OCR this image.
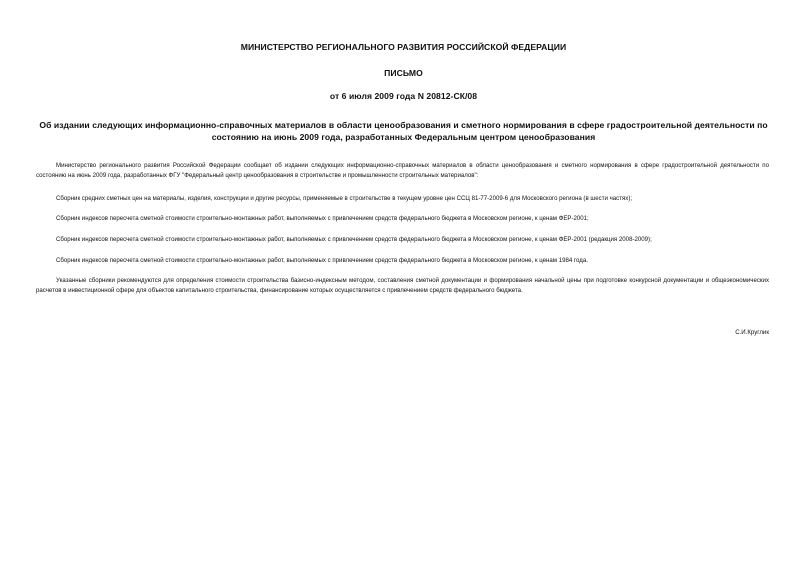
МИНИСТЕРСТВО РЕГИОНАЛЬНОГО РАЗВИТИЯ РОССИЙСКОЙ ФЕДЕРАЦИИ
ПИСЬМО
от 6 июля 2009 года N 20812-СК/08
Об издании следующих информационно-справочных материалов в области ценообразования и сметного нормирования в сфере градостроительной деятельности по состоянию на июнь 2009 года, разработанных Федеральным центром ценообразования
Министерство регионального развития Российской Федерации сообщает об издании следующих информационно-справочных материалов в области ценообразования и сметного нормирования в сфере градостроительной деятельности по состоянию на июнь 2009 года, разработанных ФГУ "Федеральный центр ценообразования в строительстве и промышленности строительных материалов":
Сборник средних сметных цен на материалы, изделия, конструкции и другие ресурсы, применяемые в строительстве в текущем уровне цен ССЦ 81-77-2009-6 для Московского региона (в шести частях);
Сборник индексов пересчета сметной стоимости строительно-монтажных работ, выполняемых с привлечением средств федерального бюджета в Московском регионе, к ценам ФЕР-2001;
Сборник индексов пересчета сметной стоимости строительно-монтажных работ, выполняемых с привлечением средств федерального бюджета в Московском регионе, к ценам ФЕР-2001 (редакция 2008-2009);
Сборник индексов пересчета сметной стоимости строительно-монтажных работ, выполняемых с привлечением средств федерального бюджета в Московском регионе, к ценам 1984 года.
Указанные сборники рекомендуются для определения стоимости строительства базисно-индексным методом, составления сметной документации и формирования начальной цены при подготовке конкурсной документации и общеэкономических расчетов в инвестиционной сфере для объектов капитального строительства, финансирование которых осуществляется с привлечением средств федерального бюджета.
С.И.Круглик
